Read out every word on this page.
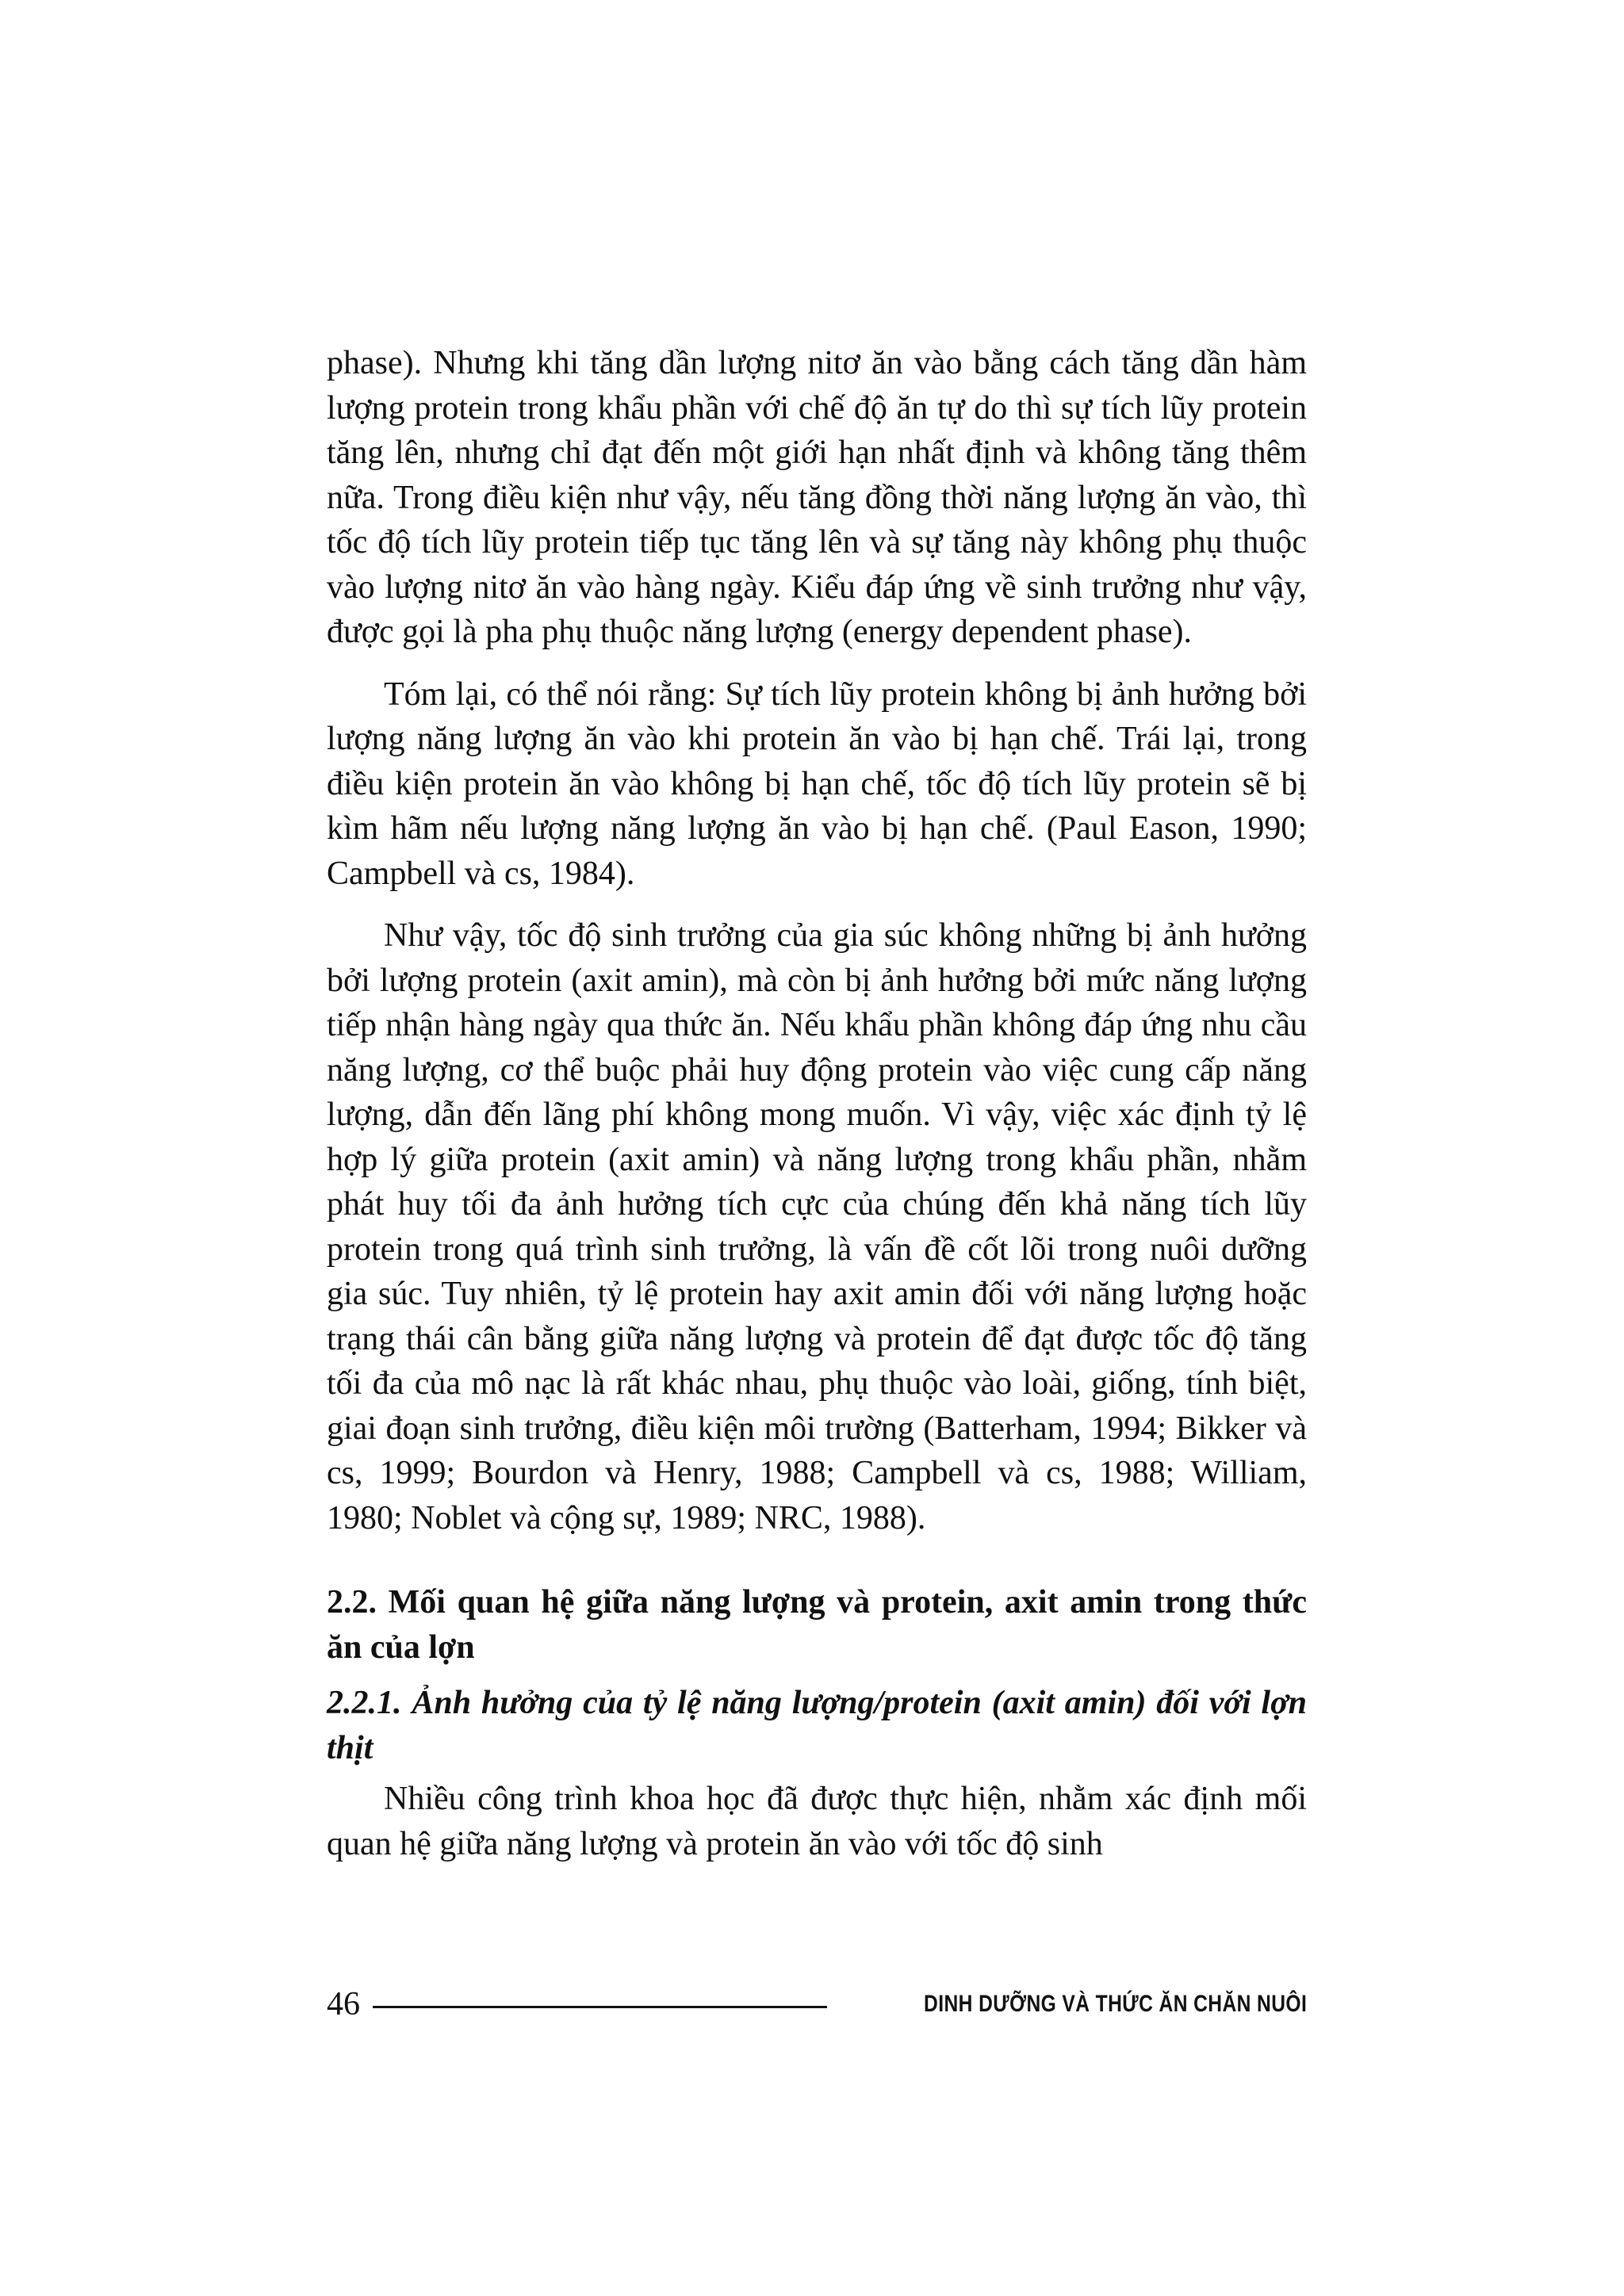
phase). Nhưng khi tăng dần lượng nitơ ăn vào bằng cách tăng dần hàm lượng protein trong khẩu phần với chế độ ăn tự do thì sự tích lũy protein tăng lên, nhưng chỉ đạt đến một giới hạn nhất định và không tăng thêm nữa. Trong điều kiện như vậy, nếu tăng đồng thời năng lượng ăn vào, thì tốc độ tích lũy protein tiếp tục tăng lên và sự tăng này không phụ thuộc vào lượng nitơ ăn vào hàng ngày. Kiểu đáp ứng về sinh trưởng như vậy, được gọi là pha phụ thuộc năng lượng (energy dependent phase).

Tóm lại, có thể nói rằng: Sự tích lũy protein không bị ảnh hưởng bởi lượng năng lượng ăn vào khi protein ăn vào bị hạn chế. Trái lại, trong điều kiện protein ăn vào không bị hạn chế, tốc độ tích lũy protein sẽ bị kìm hãm nếu lượng năng lượng ăn vào bị hạn chế. (Paul Eason, 1990; Campbell và cs, 1984).

Như vậy, tốc độ sinh trưởng của gia súc không những bị ảnh hưởng bởi lượng protein (axit amin), mà còn bị ảnh hưởng bởi mức năng lượng tiếp nhận hàng ngày qua thức ăn. Nếu khẩu phần không đáp ứng nhu cầu năng lượng, cơ thể buộc phải huy động protein vào việc cung cấp năng lượng, dẫn đến lãng phí không mong muốn. Vì vậy, việc xác định tỷ lệ hợp lý giữa protein (axit amin) và năng lượng trong khẩu phần, nhằm phát huy tối đa ảnh hưởng tích cực của chúng đến khả năng tích lũy protein trong quá trình sinh trưởng, là vấn đề cốt lõi trong nuôi dưỡng gia súc. Tuy nhiên, tỷ lệ protein hay axit amin đối với năng lượng hoặc trạng thái cân bằng giữa năng lượng và protein để đạt được tốc độ tăng tối đa của mô nạc là rất khác nhau, phụ thuộc vào loài, giống, tính biệt, giai đoạn sinh trưởng, điều kiện môi trường (Batterham, 1994; Bikker và cs, 1999; Bourdon và Henry, 1988; Campbell và cs, 1988; William, 1980; Noblet và cộng sự, 1989; NRC, 1988).

2.2. Mối quan hệ giữa năng lượng và protein, axit amin trong thức ăn của lợn
2.2.1. Ảnh hưởng của tỷ lệ năng lượng/protein (axit amin) đối với lợn thịt

Nhiều công trình khoa học đã được thực hiện, nhằm xác định mối quan hệ giữa năng lượng và protein ăn vào với tốc độ sinh

46	DINH DƯỠNG VÀ THỨC ĂN CHĂN NUÔI
